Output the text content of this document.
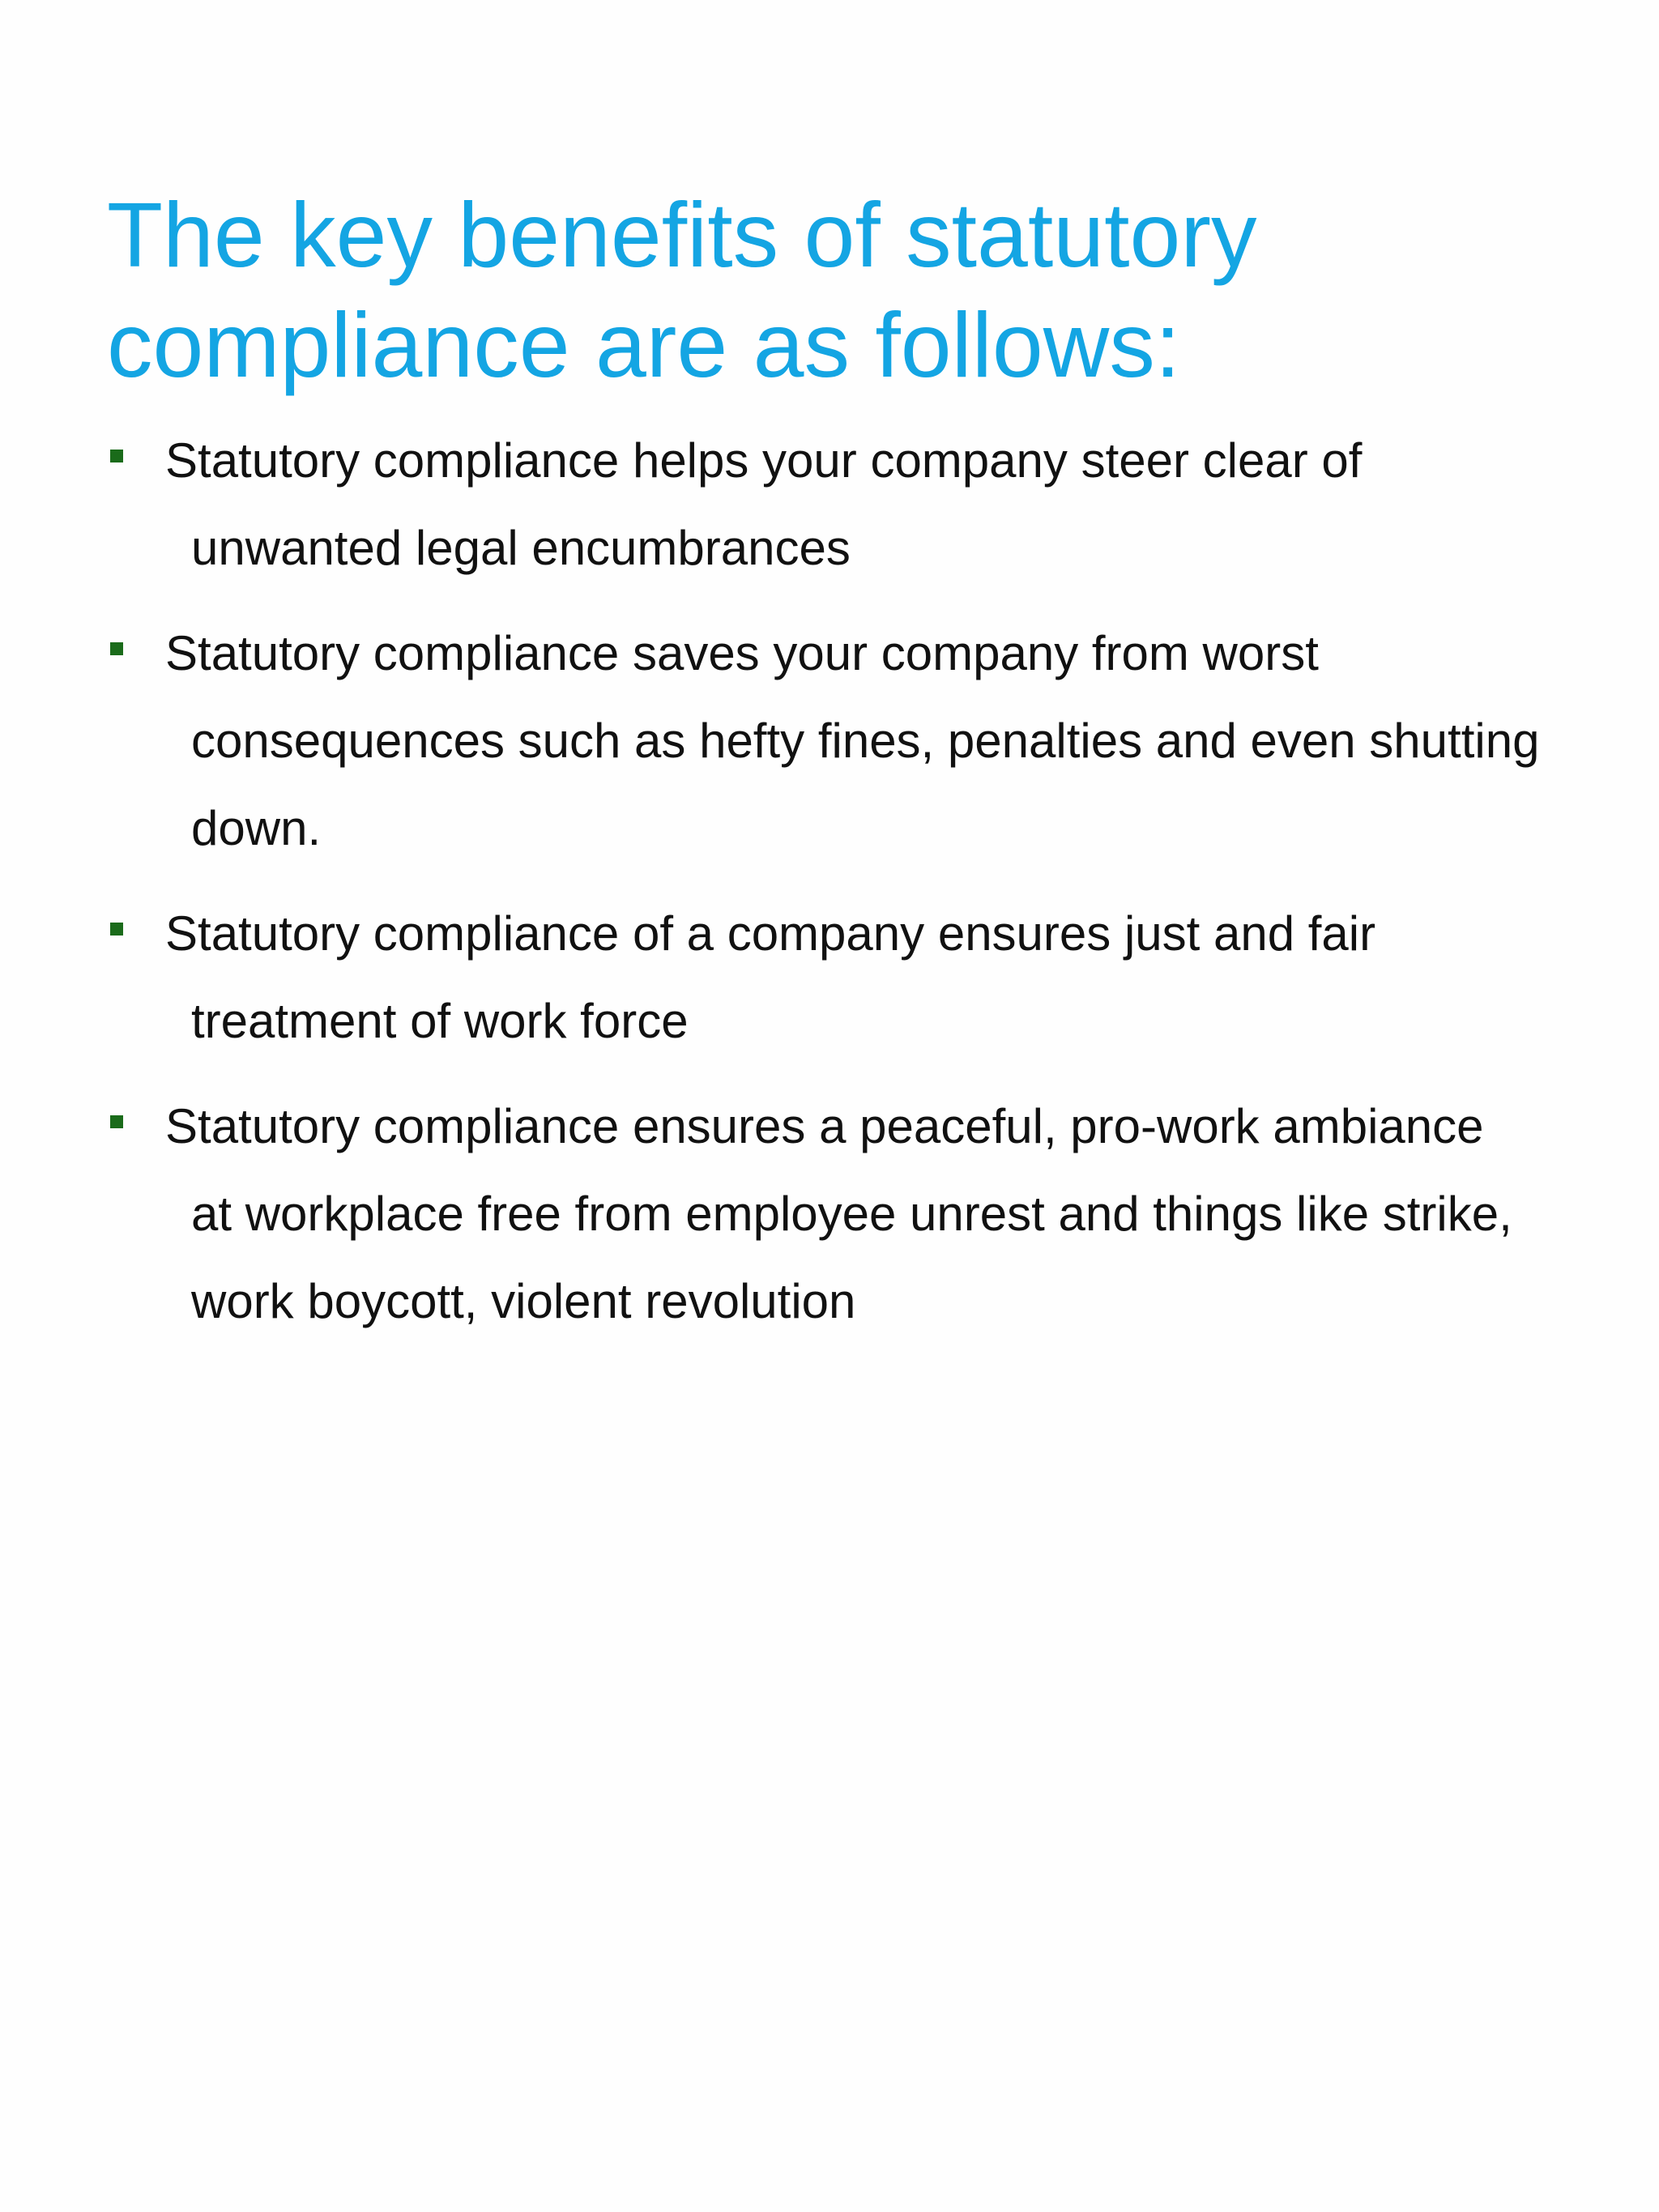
The key benefits of statutory
compliance are as follows:
Statutory compliance helps your company steer clear of
unwanted legal encumbrances
Statutory compliance saves your company from worst
consequences such as hefty fines, penalties and even shutting
down.
Statutory compliance of a company ensures just and fair
treatment of work force
Statutory compliance ensures a peaceful, pro-work ambiance
at workplace free from employee unrest and things like strike,
work boycott, violent revolution
